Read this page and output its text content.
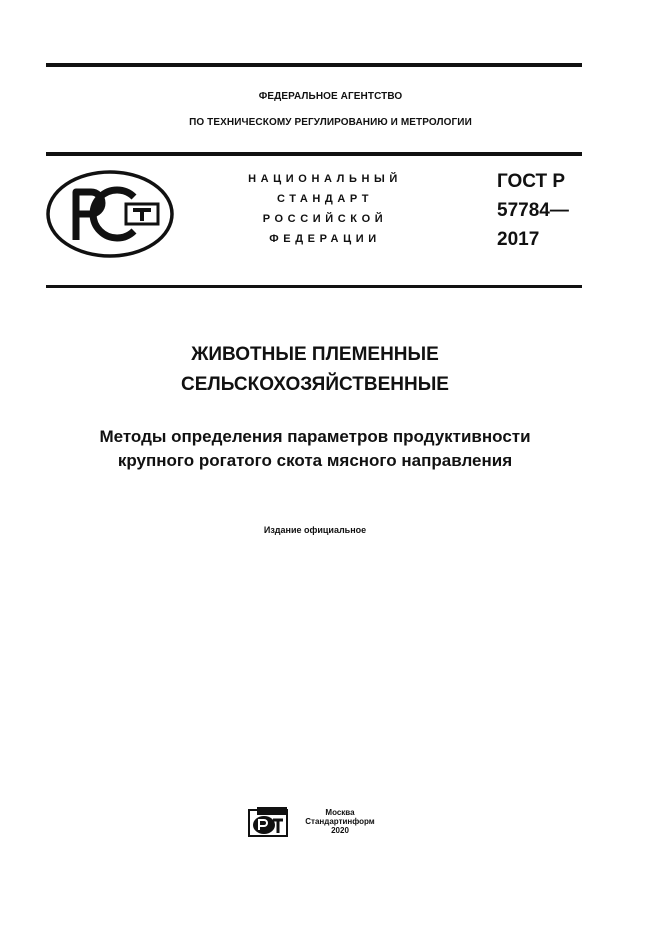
ФЕДЕРАЛЬНОЕ АГЕНТСТВО
ПО ТЕХНИЧЕСКОМУ РЕГУЛИРОВАНИЮ И МЕТРОЛОГИИ
НАЦИОНАЛЬНЫЙ
СТАНДАРТ
РОССИЙСКОЙ
ФЕДЕРАЦИИ
ГОСТ Р
57784—
2017
ЖИВОТНЫЕ ПЛЕМЕННЫЕ
СЕЛЬСКОХОЗЯЙСТВЕННЫЕ
Методы определения параметров продуктивности
крупного рогатого скота мясного направления
Издание официальное
Москва
Стандартинформ
2020
